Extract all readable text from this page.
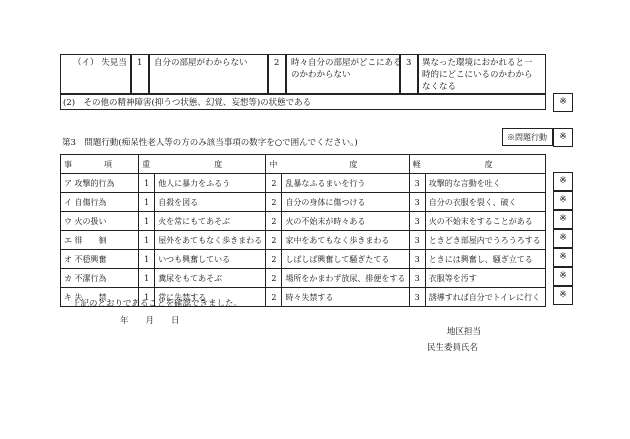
（イ） 失見当 1 自分の部屋がわからない	2 時々自分の部屋がどこにある
のかわからない
3 異なった環境におかれると一
時的にどこにいるのかわから
なくなる
(2)　その他の精神障害(抑うつ状態、幻覚、妄想等)の状態である	※
第3　問題行動(痴呆性老人等の方のみ該当事項の数字を○で囲んでください。)
※問題行動	※
事　　　　項	重　　　　　　　　度		中　　　　　　　　　度		軽　　　　　　　　度	
ア 攻撃的行為	1	他人に暴力をふるう	2	乱暴なふるまいを行う	3	攻撃的な言動を吐く
イ 自傷行為	1	自殺を図る	2	自分の身体に傷つける	3	自分の衣服を裂く、破く
ウ 火の扱い	1	火を常にもてあそぶ	2	火の不始末が時々ある	3	火の不始末をすることがある
エ 徘　　徊	1	屋外をあてもなく歩きまわる	2	家中をあてもなく歩きまわる	3	ときどき部屋内でうろうろする
オ 不穏興奮	1	いつも興奮している	2	しばしば興奮して騒ぎたてる	3	ときには興奮し、騒ぎ立てる
カ 不潔行為	1	糞尿をもてあそぶ	2	場所をかまわず放尿、排便をする	3	衣服等を汚す
キ 失　　禁	1	常に失禁する	2	時々失禁する	3	誘導すれば自分でトイレに行く
※
※
※
※
※
※
※
上記のとおりであることを確認できました。
年　　月　　日
地区担当
民生委員氏名
